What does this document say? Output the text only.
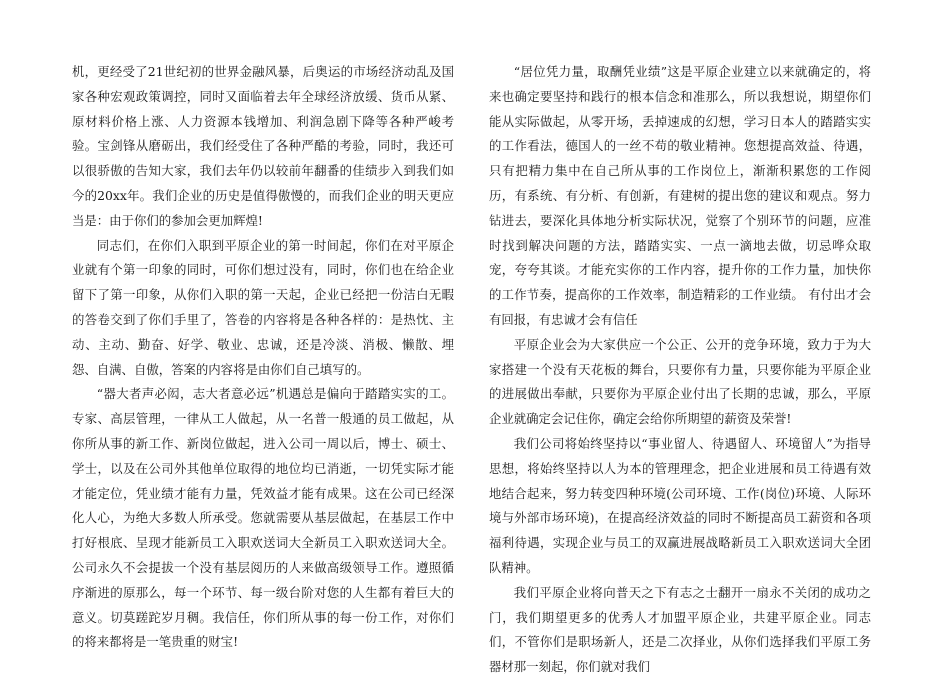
机，更经受了21世纪初的世界金融风暴，后奥运的市场经济动乱及国家各种宏观政策调控，同时又面临着去年全球经济放缓、货币从紧、原材料价格上涨、人力资源本钱增加、利润急剧下降等各种严峻考验。宝剑锋从磨砺出，我们经受住了各种严酷的考验，同时，我还可以很骄傲的告知大家，我们去年仍以较前年翻番的佳绩步入到我们如今的20xx年。我们企业的历史是值得傲慢的，而我们企业的明天更应当是：由于你们的参加会更加辉煌!

同志们，在你们入职到平原企业的第一时间起，你们在对平原企业就有个第一印象的同时，可你们想过没有，同时，你们也在给企业留下了第一印象，从你们入职的第一天起，企业已经把一份洁白无暇的答卷交到了你们手里了，答卷的内容将是各种各样的：是热忱、主动、主动、勤奋、好学、敬业、忠诚，还是冷淡、消极、懒散、埋怨、自满、自傲，答案的内容将是由你们自己填写的。

“器大者声必闳，志大者意必远”机遇总是偏向于踏踏实实的工。专家、高层管理，一律从工人做起，从一名普一般通的员工做起，从你所从事的新工作、新岗位做起，进入公司一周以后，博士、硕士、学士，以及在公司外其他单位取得的地位均已消逝，一切凭实际才能才能定位，凭业绩才能有力量，凭效益才能有成果。这在公司已经深化人心，为绝大多数人所承受。您就需要从基层做起，在基层工作中打好根底、呈现才能新员工入职欢送词大全新员工入职欢送词大全。公司永久不会提拔一个没有基层阅历的人来做高级领导工作。遵照循序渐进的原那么，每一个环节、每一级台阶对您的人生都有着巨大的意义。切莫蹉跎岁月稠。我信任，你们所从事的每一份工作，对你们的将来都将是一笔贵重的财宝!

“居位凭力量，取酬凭业绩”这是平原企业建立以来就确定的，将来也确定要坚持和践行的根本信念和准那么，所以我想说，期望你们能从实际做起，从零开场，丢掉速成的幻想，学习日本人的踏踏实实的工作看法，德国人的一丝不苟的敬业精神。您想提高效益、待遇，只有把精力集中在自己所从事的工作岗位上，渐渐积累您的工作阅历，有系统、有分析、有创新，有建树的提出您的建议和观点。努力钻进去，要深化具体地分析实际状况，觉察了个别环节的问题，应准时找到解决问题的方法，踏踏实实、一点一滴地去做，切忌哗众取宠，夸夸其谈。才能充实你的工作内容，提升你的工作力量，加快你的工作节奏，提高你的工作效率，制造精彩的工作业绩。 有付出才会有回报，有忠诚才会有信任

平原企业会为大家供应一个公正、公开的竞争环境，致力于为大家搭建一个没有天花板的舞台，只要你有力量，只要你能为平原企业的进展做出奉献，只要你为平原企业付出了长期的忠诚，那么，平原企业就确定会记住你，确定会给你所期望的薪资及荣誉!

我们公司将始终坚持以“事业留人、待遇留人、环境留人”为指导思想，将始终坚持以人为本的管理理念，把企业进展和员工待遇有效地结合起来，努力转变四种环境(公司环境、工作(岗位)环境、人际环境与外部市场环境)，在提高经济效益的同时不断提高员工薪资和各项福利待遇，实现企业与员工的双赢进展战略新员工入职欢送词大全团队精神。

我们平原企业将向普天之下有志之士翻开一扇永不关闭的成功之门，我们期望更多的优秀人才加盟平原企业，共建平原企业。同志们，不管你们是职场新人，还是二次择业，从你们选择我们平原工务器材那一刻起，你们就对我们
